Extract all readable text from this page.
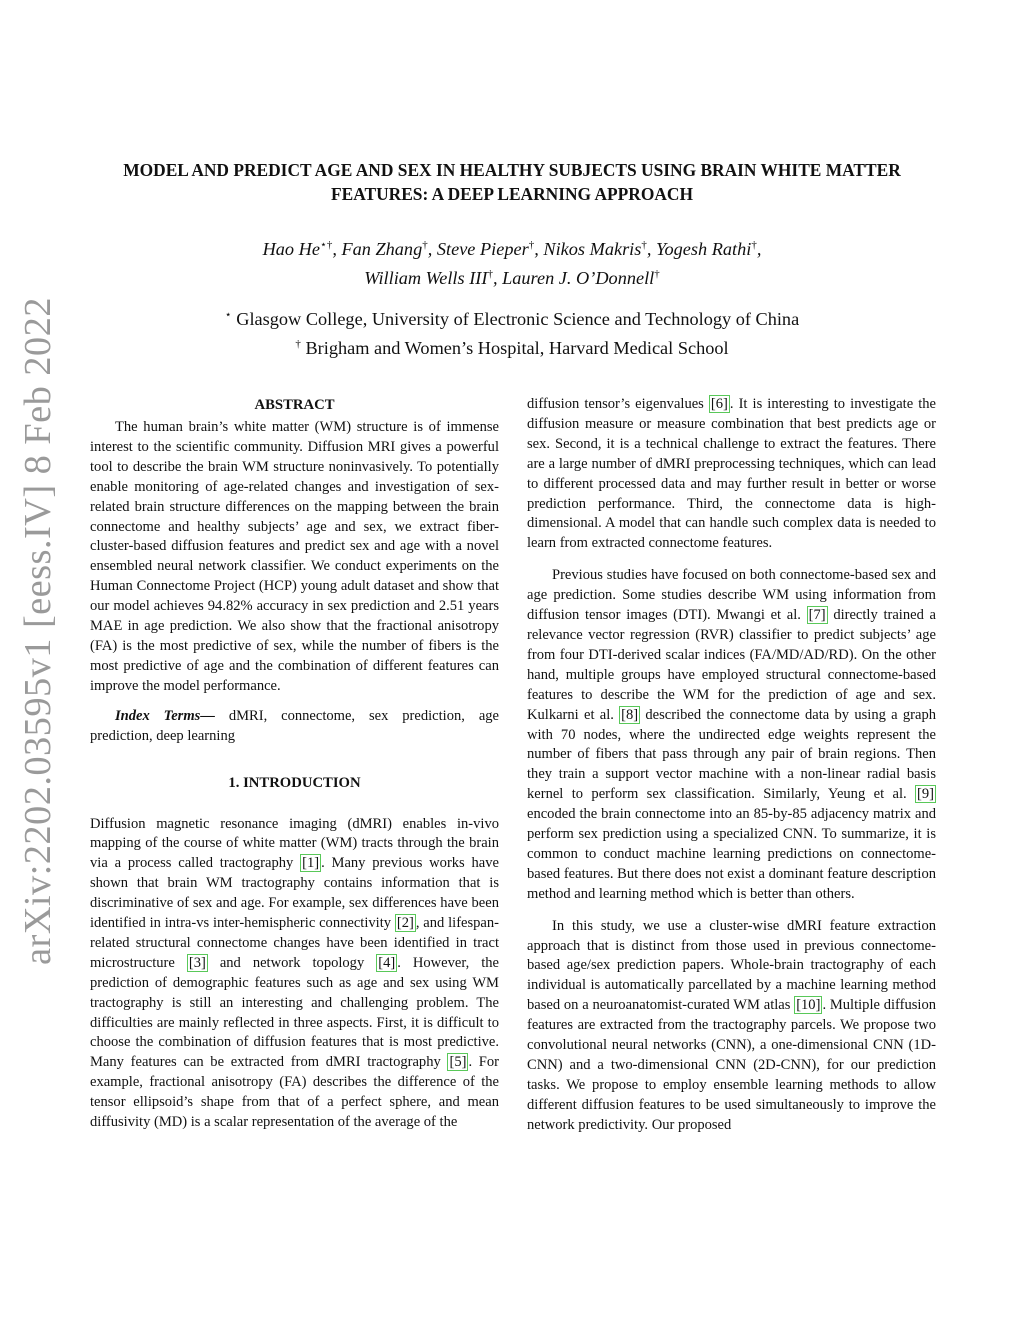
arXiv:2202.03595v1 [eess.IV] 8 Feb 2022
MODEL AND PREDICT AGE AND SEX IN HEALTHY SUBJECTS USING BRAIN WHITE MATTER FEATURES: A DEEP LEARNING APPROACH
Hao He⋆†, Fan Zhang†, Steve Pieper†, Nikos Makris†, Yogesh Rathi†,
William Wells III†, Lauren J. O’Donnell†
⋆ Glasgow College, University of Electronic Science and Technology of China
† Brigham and Women’s Hospital, Harvard Medical School
ABSTRACT

The human brain’s white matter (WM) structure is of immense interest to the scientific community. Diffusion MRI gives a powerful tool to describe the brain WM structure noninvasively. To potentially enable monitoring of age-related changes and investigation of sex-related brain structure differences on the mapping between the brain connectome and healthy subjects’ age and sex, we extract fiber-cluster-based diffusion features and predict sex and age with a novel ensembled neural network classifier. We conduct experiments on the Human Connectome Project (HCP) young adult dataset and show that our model achieves 94.82% accuracy in sex prediction and 2.51 years MAE in age prediction. We also show that the fractional anisotropy (FA) is the most predictive of sex, while the number of fibers is the most predictive of age and the combination of different features can improve the model performance.

Index Terms— dMRI, connectome, sex prediction, age prediction, deep learning

1. INTRODUCTION

Diffusion magnetic resonance imaging (dMRI) enables in-vivo mapping of the course of white matter (WM) tracts through the brain via a process called tractography [1] . Many previous works have shown that brain WM tractography contains information that is discriminative of sex and age. For example, sex differences have been identified in intra-vs inter-hemispheric connectivity [2] , and lifespan-related structural connectome changes have been identified in tract microstructure [3] and network topology [4] . However, the prediction of demographic features such as age and sex using WM tractography is still an interesting and challenging problem. The difficulties are mainly reflected in three aspects. First, it is difficult to choose the combination of diffusion features that is most predictive. Many features can be extracted from dMRI tractography [5] . For example, fractional anisotropy (FA) describes the difference of the tensor ellipsoid’s shape from that of a perfect sphere, and mean diffusivity (MD) is a scalar representation of the average of the

diffusion tensor’s eigenvalues [6] . It is interesting to investigate the diffusion measure or measure combination that best predicts age or sex. Second, it is a technical challenge to extract the features. There are a large number of dMRI preprocessing techniques, which can lead to different processed data and may further result in better or worse prediction performance. Third, the connectome data is high-dimensional. A model that can handle such complex data is needed to learn from extracted connectome features.

Previous studies have focused on both connectome-based sex and age prediction. Some studies describe WM using information from diffusion tensor images (DTI). Mwangi et al. [7] directly trained a relevance vector regression (RVR) classifier to predict subjects’ age from four DTI-derived scalar indices (FA/MD/AD/RD). On the other hand, multiple groups have employed structural connectome-based features to describe the WM for the prediction of age and sex. Kulkarni et al. [8] described the connectome data by using a graph with 70 nodes, where the undirected edge weights represent the number of fibers that pass through any pair of brain regions. Then they train a support vector machine with a non-linear radial basis kernel to perform sex classification. Similarly, Yeung et al. [9] encoded the brain connectome into an 85-by-85 adjacency matrix and perform sex prediction using a specialized CNN. To summarize, it is common to conduct machine learning predictions on connectome-based features. But there does not exist a dominant feature description method and learning method which is better than others.

In this study, we use a cluster-wise dMRI feature extraction approach that is distinct from those used in previous connectome-based age/sex prediction papers. Whole-brain tractography of each individual is automatically parcellated by a machine learning method based on a neuroanatomist-curated WM atlas [10] . Multiple diffusion features are extracted from the tractography parcels. We propose two convolutional neural networks (CNN), a one-dimensional CNN (1D-CNN) and a two-dimensional CNN (2D-CNN), for our prediction tasks. We propose to employ ensemble learning methods to allow different diffusion features to be used simultaneously to improve the network predictivity. Our proposed
